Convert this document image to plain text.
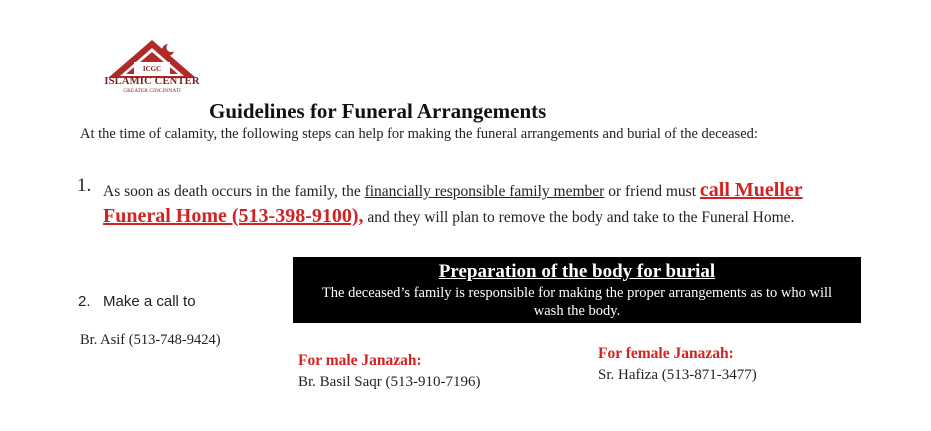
ICGC
ISLAMIC CENTER
GREATER CINCINNATI
Guidelines for Funeral Arrangements
At the time of calamity, the following steps can help for making the funeral arrangements and burial of the deceased:
1. As soon as death occurs in the family, the financially responsible family member or friend must call Mueller Funeral Home (513-398-9100), and they will plan to remove the body and take to the Funeral Home.
Preparation of the body for burial
The deceased’s family is responsible for making the proper arrangements as to who will wash the body.
2.   Make a call to
Br. Asif (513-748-9424)
For male Janazah:
Br. Basil Saqr (513-910-7196)
For female Janazah:
Sr. Hafiza (513-871-3477)
